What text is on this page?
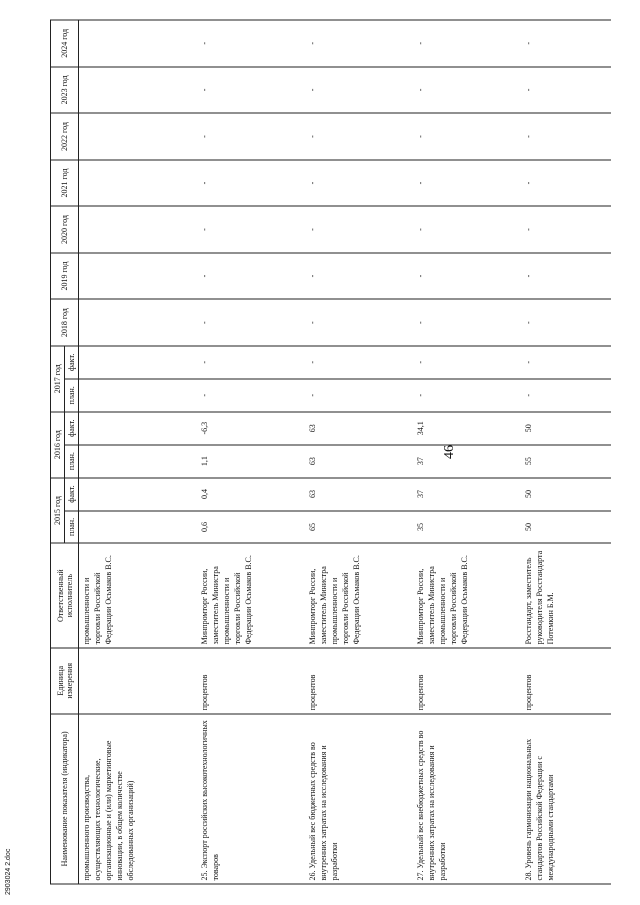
46
Наименование показателя (индикатора)	Единица измерения	Ответственный исполнитель	2015 год		2016 год		2017 год		2018 год	2019 год	2020 год	2021 год	2022 год	2023 год	2024 год
			план.	факт.	план.	факт.	план.	факт.							
промышленного производства, осуществляющих технологические, организационные и (или) маркетинговые инновации, в общем количестве обследованных организаций)		промышленности и торговли Российской Федерации Осьмаков В.С.													
25. Экспорт российских высокотехнологичных товаров	процентов	Минпромторг России, заместитель Министра промышленности и торговли Российской Федерации Осьмаков В.С.	0,6	0,4	1,1	-6,3	-	-	-	-	-	-	-	-	-
26. Удельный вес бюджетных средств во внутренних затратах на исследования и разработки	процентов	Минпромторг России, заместитель Министра промышленности и торговли Российской Федерации Осьмаков В.С.	65	63	63	63	-	-	-	-	-	-	-	-	-
27. Удельный вес внебюджетных средств во внутренних затратах на исследования и разработки	процентов	Минпромторг России, заместитель Министра промышленности и торговли Российской Федерации Осьмаков В.С.	35	37	37	34,1	-	-	-	-	-	-	-	-	-
28. Уровень гармонизации национальных стандартов Российской Федерации с международными стандартами	процентов	Росстандарт, заместитель руководителя Росстандарта Потемкин Б.М.	50	50	55	50	-	-	-	-	-	-	-	-	-
2903024 2.doc
